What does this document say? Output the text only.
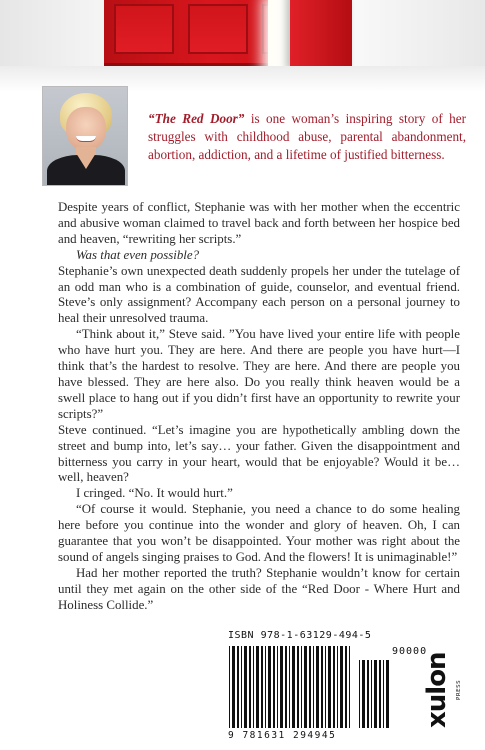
“The Red Door” is one woman’s inspiring story of her struggles with childhood abuse, parental abandonment, abortion, addiction, and a lifetime of justified bitterness.

Despite years of conflict, Stephanie was with her mother when the eccentric and abusive woman claimed to travel back and forth between her hospice bed and heaven, “rewriting her scripts.”

Was that even possible?

Stephanie’s own unexpected death suddenly propels her under the tutelage of an odd man who is a combination of guide, counselor, and eventual friend. Steve’s only assignment? Accompany each person on a personal journey to heal their unresolved trauma.

“Think about it,” Steve said. ”You have lived your entire life with people who have hurt you. They are here. And there are people you have hurt—I think that’s the hardest to resolve. They are here. And there are people you have blessed. They are here also. Do you really think heaven would be a swell place to hang out if you didn’t first have an opportunity to rewrite your scripts?”

Steve continued. “Let’s imagine you are hypothetically ambling down the street and bump into, let’s say… your father. Given the disappointment and bitterness you carry in your heart, would that be enjoyable? Would it be… well, heaven?

I cringed. “No. It would hurt.”

“Of course it would. Stephanie, you need a chance to do some healing here before you continue into the wonder and glory of heaven. Oh, I can guarantee that you won’t be disappointed. Your mother was right about the sound of angels singing praises to God. And the flowers! It is unimaginable!”

Had her mother reported the truth? Stephanie wouldn’t know for certain until they met again on the other side of the “Red Door - Where Hurt and Holiness Collide.”

ISBN 978-1-63129-494-5
9 781631 294945
90000
xulon PRESS
